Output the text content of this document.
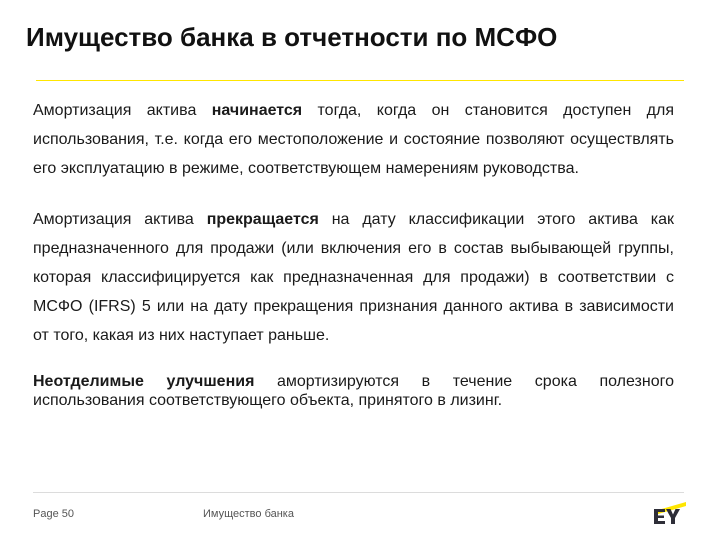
Имущество банка в отчетности по МСФО

Амортизация актива начинается тогда, когда он становится доступен для использования, т.е. когда его местоположение и состояние позволяют осуществлять его эксплуатацию в режиме, соответствующем намерениям руководства.

Амортизация актива прекращается на дату классификации этого актива как предназначенного для продажи (или включения его в состав выбывающей группы, которая классифицируется как предназначенная для продажи) в соответствии с МСФО (IFRS) 5 или на дату прекращения признания данного актива в зависимости от того, какая из них наступает раньше.

Неотделимые улучшения амортизируются в течение срока полезного использования соответствующего объекта, принятого в лизинг.

Page 50	Имущество банка
